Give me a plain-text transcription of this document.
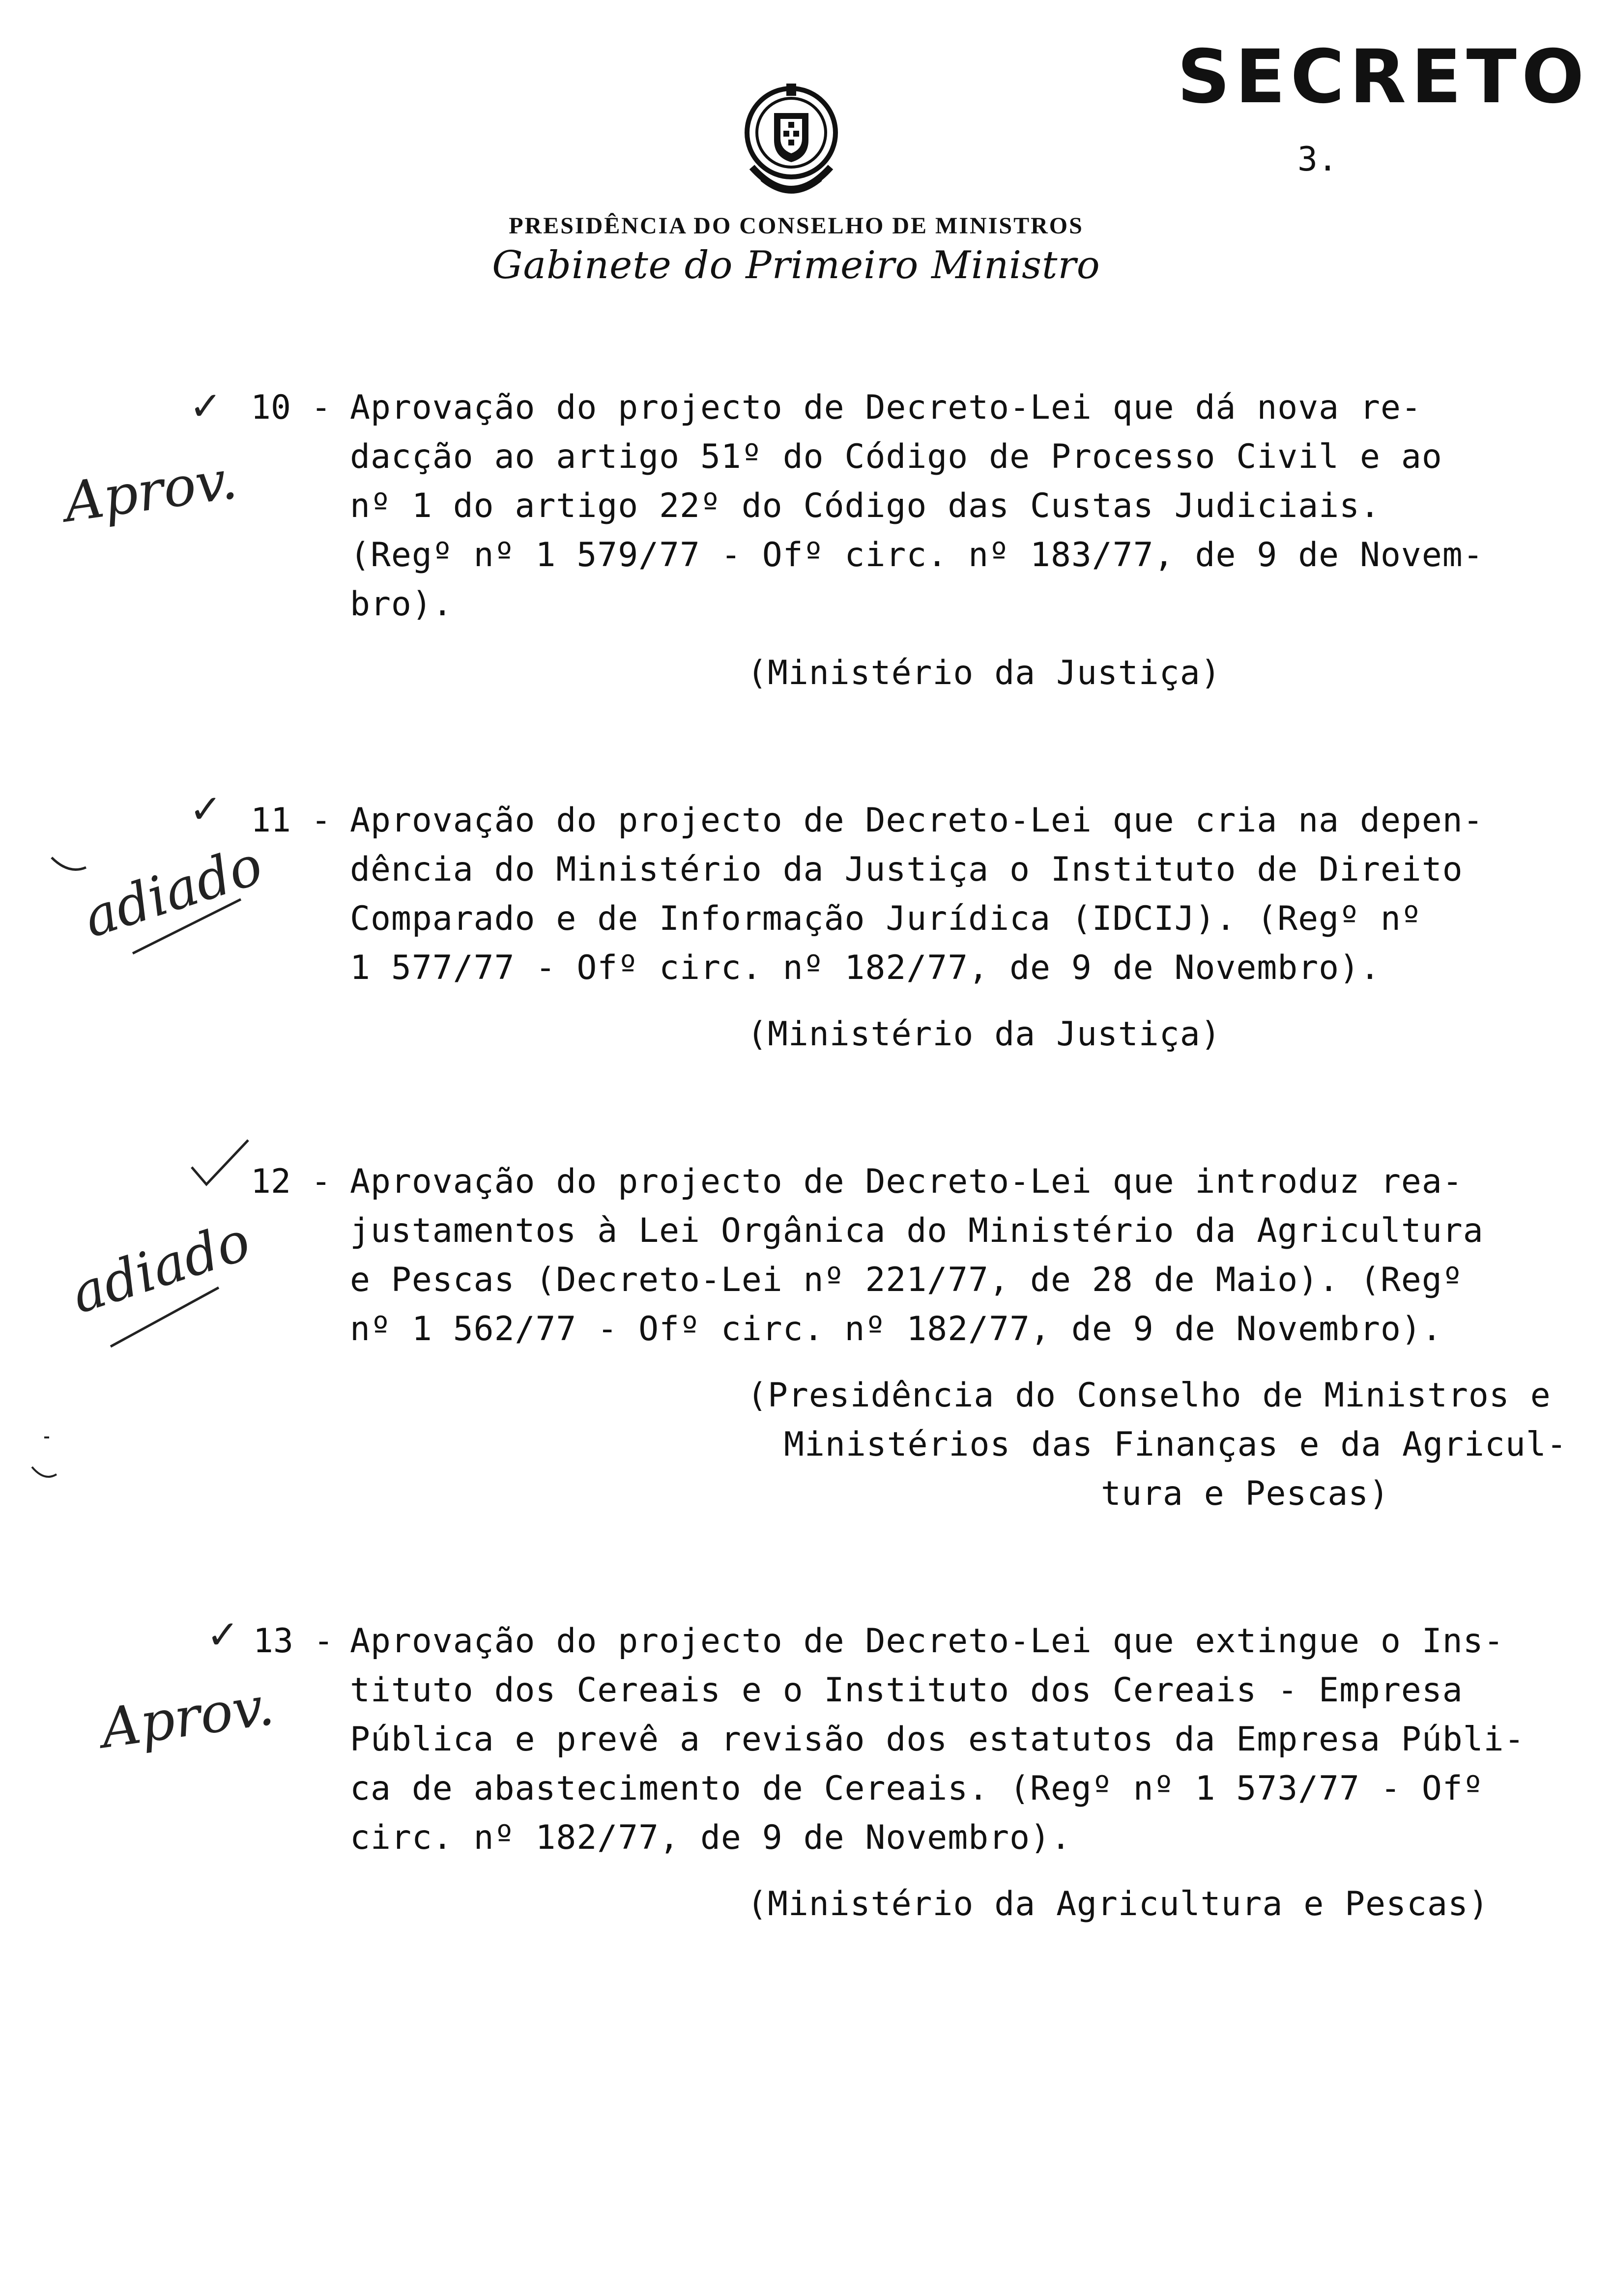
SECRETO
3.
PRESIDÊNCIA DO CONSELHO DE MINISTROS
Gabinete do Primeiro Ministro
✓
Aprov.
10 - Aprovação do projecto de Decreto-Lei que dá nova re-
dacção ao artigo 51º do Código de Processo Civil e ao
nº 1 do artigo 22º do Código das Custas Judiciais.
(Regº nº 1 579/77 - Ofº circ. nº 183/77, de 9 de Novem-
bro).
(Ministério da Justiça)
✓
adiado
11 - Aprovação do projecto de Decreto-Lei que cria na depen-
dência do Ministério da Justiça o Instituto de Direito
Comparado e de Informação Jurídica (IDCIJ). (Regº nº
1 577/77 - Ofº circ. nº 182/77, de 9 de Novembro).
(Ministério da Justiça)
adiado
12 - Aprovação do projecto de Decreto-Lei que introduz rea-
justamentos à Lei Orgânica do Ministério da Agricultura
e Pescas (Decreto-Lei nº 221/77, de 28 de Maio). (Regº
nº 1 562/77 - Ofº circ. nº 182/77, de 9 de Novembro).
(Presidência do Conselho de Ministros e
Ministérios das Finanças e da Agricul-
tura e Pescas)
✓
Aprov.
13 - Aprovação do projecto de Decreto-Lei que extingue o Ins-
tituto dos Cereais e o Instituto dos Cereais - Empresa
Pública e prevê a revisão dos estatutos da Empresa Públi-
ca de abastecimento de Cereais. (Regº nº 1 573/77 - Ofº
circ. nº 182/77, de 9 de Novembro).
(Ministério da Agricultura e Pescas)
